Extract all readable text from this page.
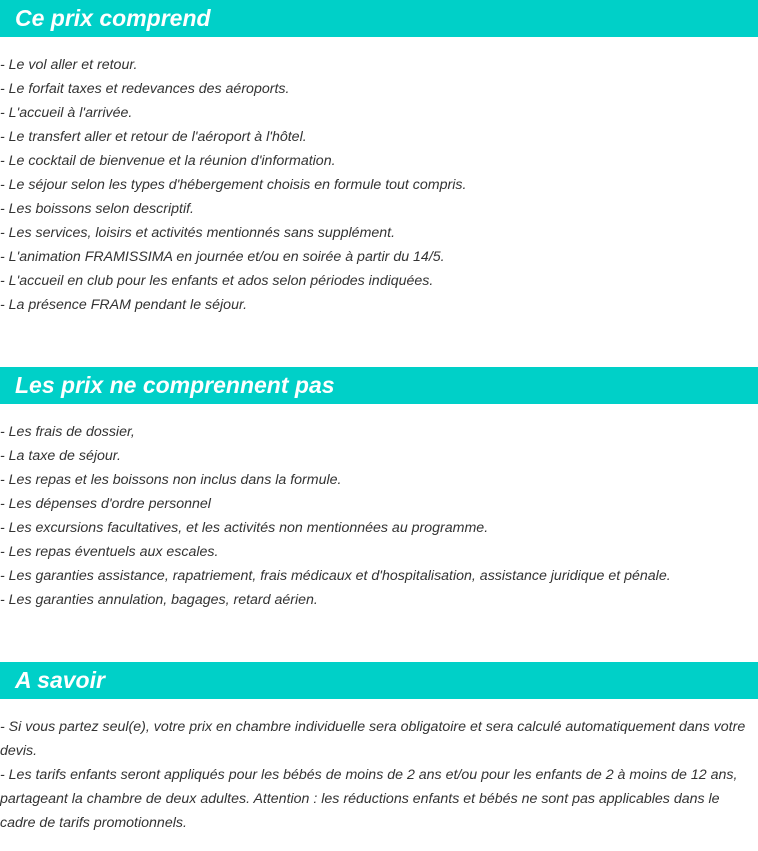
Ce prix comprend
- Le vol aller et retour.
- Le forfait taxes et redevances des aéroports.
- L'accueil à l'arrivée.
- Le transfert aller et retour de l'aéroport à l'hôtel.
- Le cocktail de bienvenue et la réunion d'information.
- Le séjour selon les types d'hébergement choisis en formule tout compris.
- Les boissons selon descriptif.
- Les services, loisirs et activités mentionnés sans supplément.
- L'animation FRAMISSIMA en journée et/ou en soirée à partir du 14/5.
- L'accueil en club pour les enfants et ados selon périodes indiquées.
- La présence FRAM pendant le séjour.
Les prix ne comprennent pas
- Les frais de dossier,
- La taxe de séjour.
- Les repas et les boissons non inclus dans la formule.
- Les dépenses d'ordre personnel
- Les excursions facultatives, et les activités non mentionnées au programme.
- Les repas éventuels aux escales.
- Les garanties assistance, rapatriement, frais médicaux et d'hospitalisation, assistance juridique et pénale.
- Les garanties annulation, bagages, retard aérien.
A savoir
- Si vous partez seul(e), votre prix en chambre individuelle sera obligatoire et sera calculé automatiquement dans votre devis.
- Les tarifs enfants seront appliqués pour les bébés de moins de 2 ans et/ou pour les enfants de 2 à moins de 12 ans, partageant la chambre de deux adultes. Attention : les réductions enfants et bébés ne sont pas applicables dans le cadre de tarifs promotionnels.
